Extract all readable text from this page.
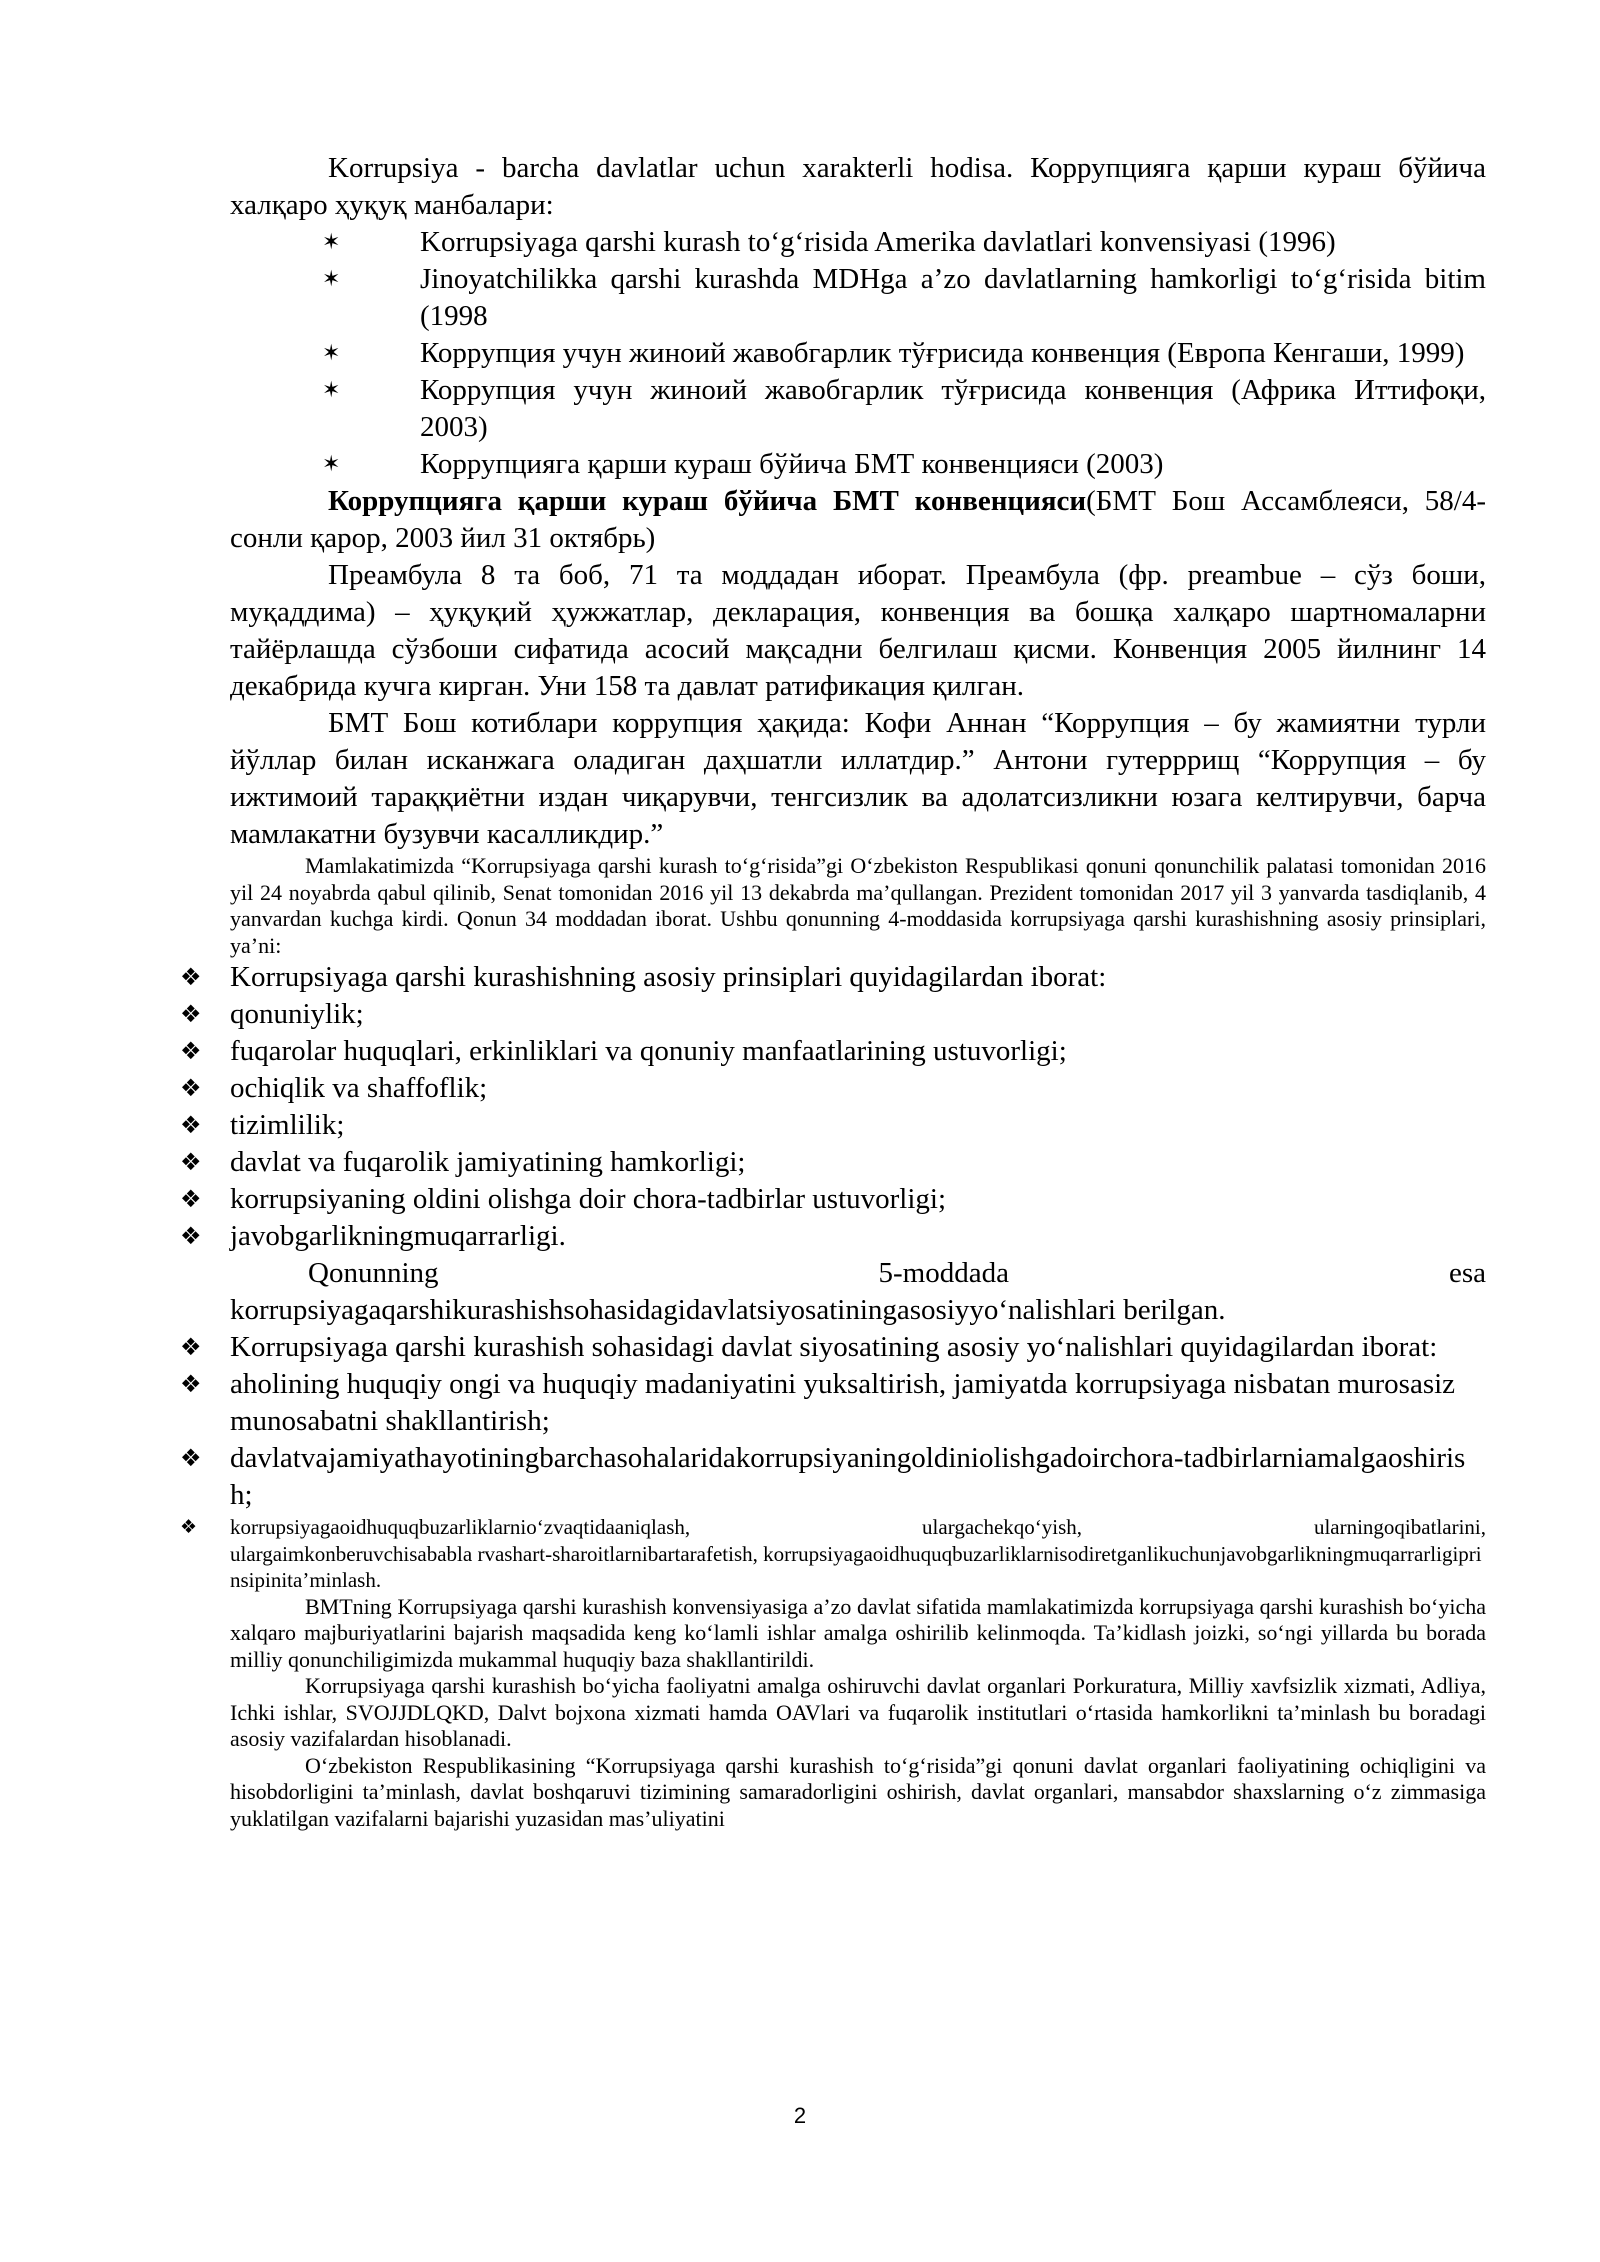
Korrupsiya - barcha davlatlar uchun xarakterli hodisa. Коррупцияга қарши кураш бўйича халқаро ҳуқуқ манбалари:

✶	Korrupsiyaga qarshi kurash to‘g‘risida Amerika davlatlari konvensiyasi (1996)
✶	Jinoyatchilikka qarshi kurashda MDHga a’zo davlatlarning hamkorligi to‘g‘risida bitim (1998
✶	Коррупция учун жиноий жавобгарлик тўғрисида конвенция (Европа Кенгаши, 1999)
✶	Коррупция учун жиноий жавобгарлик тўғрисида конвенция (Африка Иттифоқи, 2003)
✶	Коррупцияга қарши кураш бўйича БМТ конвенцияси (2003)

Коррупцияга қарши кураш бўйича БМТ конвенцияси(БМТ Бош Ассамблеяси, 58/4-сонли қарор, 2003 йил 31 октябрь)

Преамбула 8 та боб, 71 та моддадан иборат. Преамбула (фр. preambue – сўз боши, муқаддима) – ҳуқуқий ҳужжатлар, декларация, конвенция ва бошқа халқаро шартномаларни тайёрлашда сўзбоши сифатида асосий мақсадни белгилаш қисми. Конвенция 2005 йилнинг 14 декабрида кучга кирган. Уни 158 та давлат ратификация қилган.

БМТ Бош котиблари коррупция ҳақида: Кофи Аннан “Коррупция – бу жамиятни турли йўллар билан исканжага оладиган даҳшатли иллатдир.” Антони гутерррищ “Коррупция – бу ижтимоий тараққиётни издан чиқарувчи, тенгсизлик ва адолатсизликни юзага келтирувчи, барча мамлакатни бузувчи касалликдир.”

Mamlakatimizda “Korrupsiyaga qarshi kurash to‘g‘risida”gi O‘zbekiston Respublikasi qonuni qonunchilik palatasi tomonidan 2016 yil 24 noyabrda qabul qilinib, Senat tomonidan 2016 yil 13 dekabrda ma’qullangan. Prezident tomonidan 2017 yil 3 yanvarda tasdiqlanib, 4 yanvardan kuchga kirdi. Qonun 34 moddadan iborat. Ushbu qonunning 4-moddasida korrupsiyaga qarshi kurashishning asosiy prinsiplari, ya’ni:

❖ Korrupsiyaga qarshi kurashishning asosiy prinsiplari quyidagilardan iborat:
❖ qonuniylik;
❖ fuqarolar huquqlari, erkinliklari va qonuniy manfaatlarining ustuvorligi;
❖ ochiqlik va shaffoflik;
❖ tizimlilik;
❖ davlat va fuqarolik jamiyatining hamkorligi;
❖ korrupsiyaning oldini olishga doir chora-tadbirlar ustuvorligi;
❖ javobgarlikningmuqarrarligi.
Qonunning	5-moddada	esa
korrupsiyagaqarshikurashishsohasidagidavlatsiyosatiningasosiyyo‘nalishlari berilgan.
❖ Korrupsiyaga qarshi kurashish sohasidagi davlat siyosatining asosiy yo‘nalishlari quyidagilardan iborat:
❖ aholining huquqiy ongi va huquqiy madaniyatini yuksaltirish, jamiyatda korrupsiyaga nisbatan murosasiz munosabatni shakllantirish;
❖ davlatvajamiyathayotiningbarchasohalaridakorrupsiyaningoldiniolishgadoirchora-tadbirlarniamalgaoshirish;
❖	korrupsiyagaoidhuquqbuzarliklarnio‘zvaqtidaaniqlash,	ulargachekqo‘yish,	ularningoqibatlarini,
ulargaimkonberuvchisababla rvashart-sharoitlarnibartarafetish, korrupsiyagaoidhuquqbuzarliklarnisodiretganlikuchunjavobgarlikningmuqarrarligiprinsipinita’minlash.

BMTning Korrupsiyaga qarshi kurashish konvensiyasiga a’zo davlat sifatida mamlakatimizda korrupsiyaga qarshi kurashish bo‘yicha xalqaro majburiyatlarini bajarish maqsadida keng ko‘lamli ishlar amalga oshirilib kelinmoqda. Ta’kidlash joizki, so‘ngi yillarda bu borada milliy qonunchiligimizda mukammal huquqiy baza shakllantirildi.

Korrupsiyaga qarshi kurashish bo‘yicha faoliyatni amalga oshiruvchi davlat organlari Porkuratura, Milliy xavfsizlik xizmati, Adliya, Ichki ishlar, SVOJJDLQKD, Dalvt bojxona xizmati hamda OAVlari va fuqarolik institutlari o‘rtasida hamkorlikni ta’minlash bu boradagi asosiy vazifalardan hisoblanadi.

O‘zbekiston Respublikasining “Korrupsiyaga qarshi kurashish to‘g‘risida”gi qonuni davlat organlari faoliyatining ochiqligini va hisobdorligini ta’minlash, davlat boshqaruvi tizimining samaradorligini oshirish, davlat organlari, mansabdor shaxslarning o‘z zimmasiga yuklatilgan vazifalarni bajarishi yuzasidan mas’uliyatini

2
